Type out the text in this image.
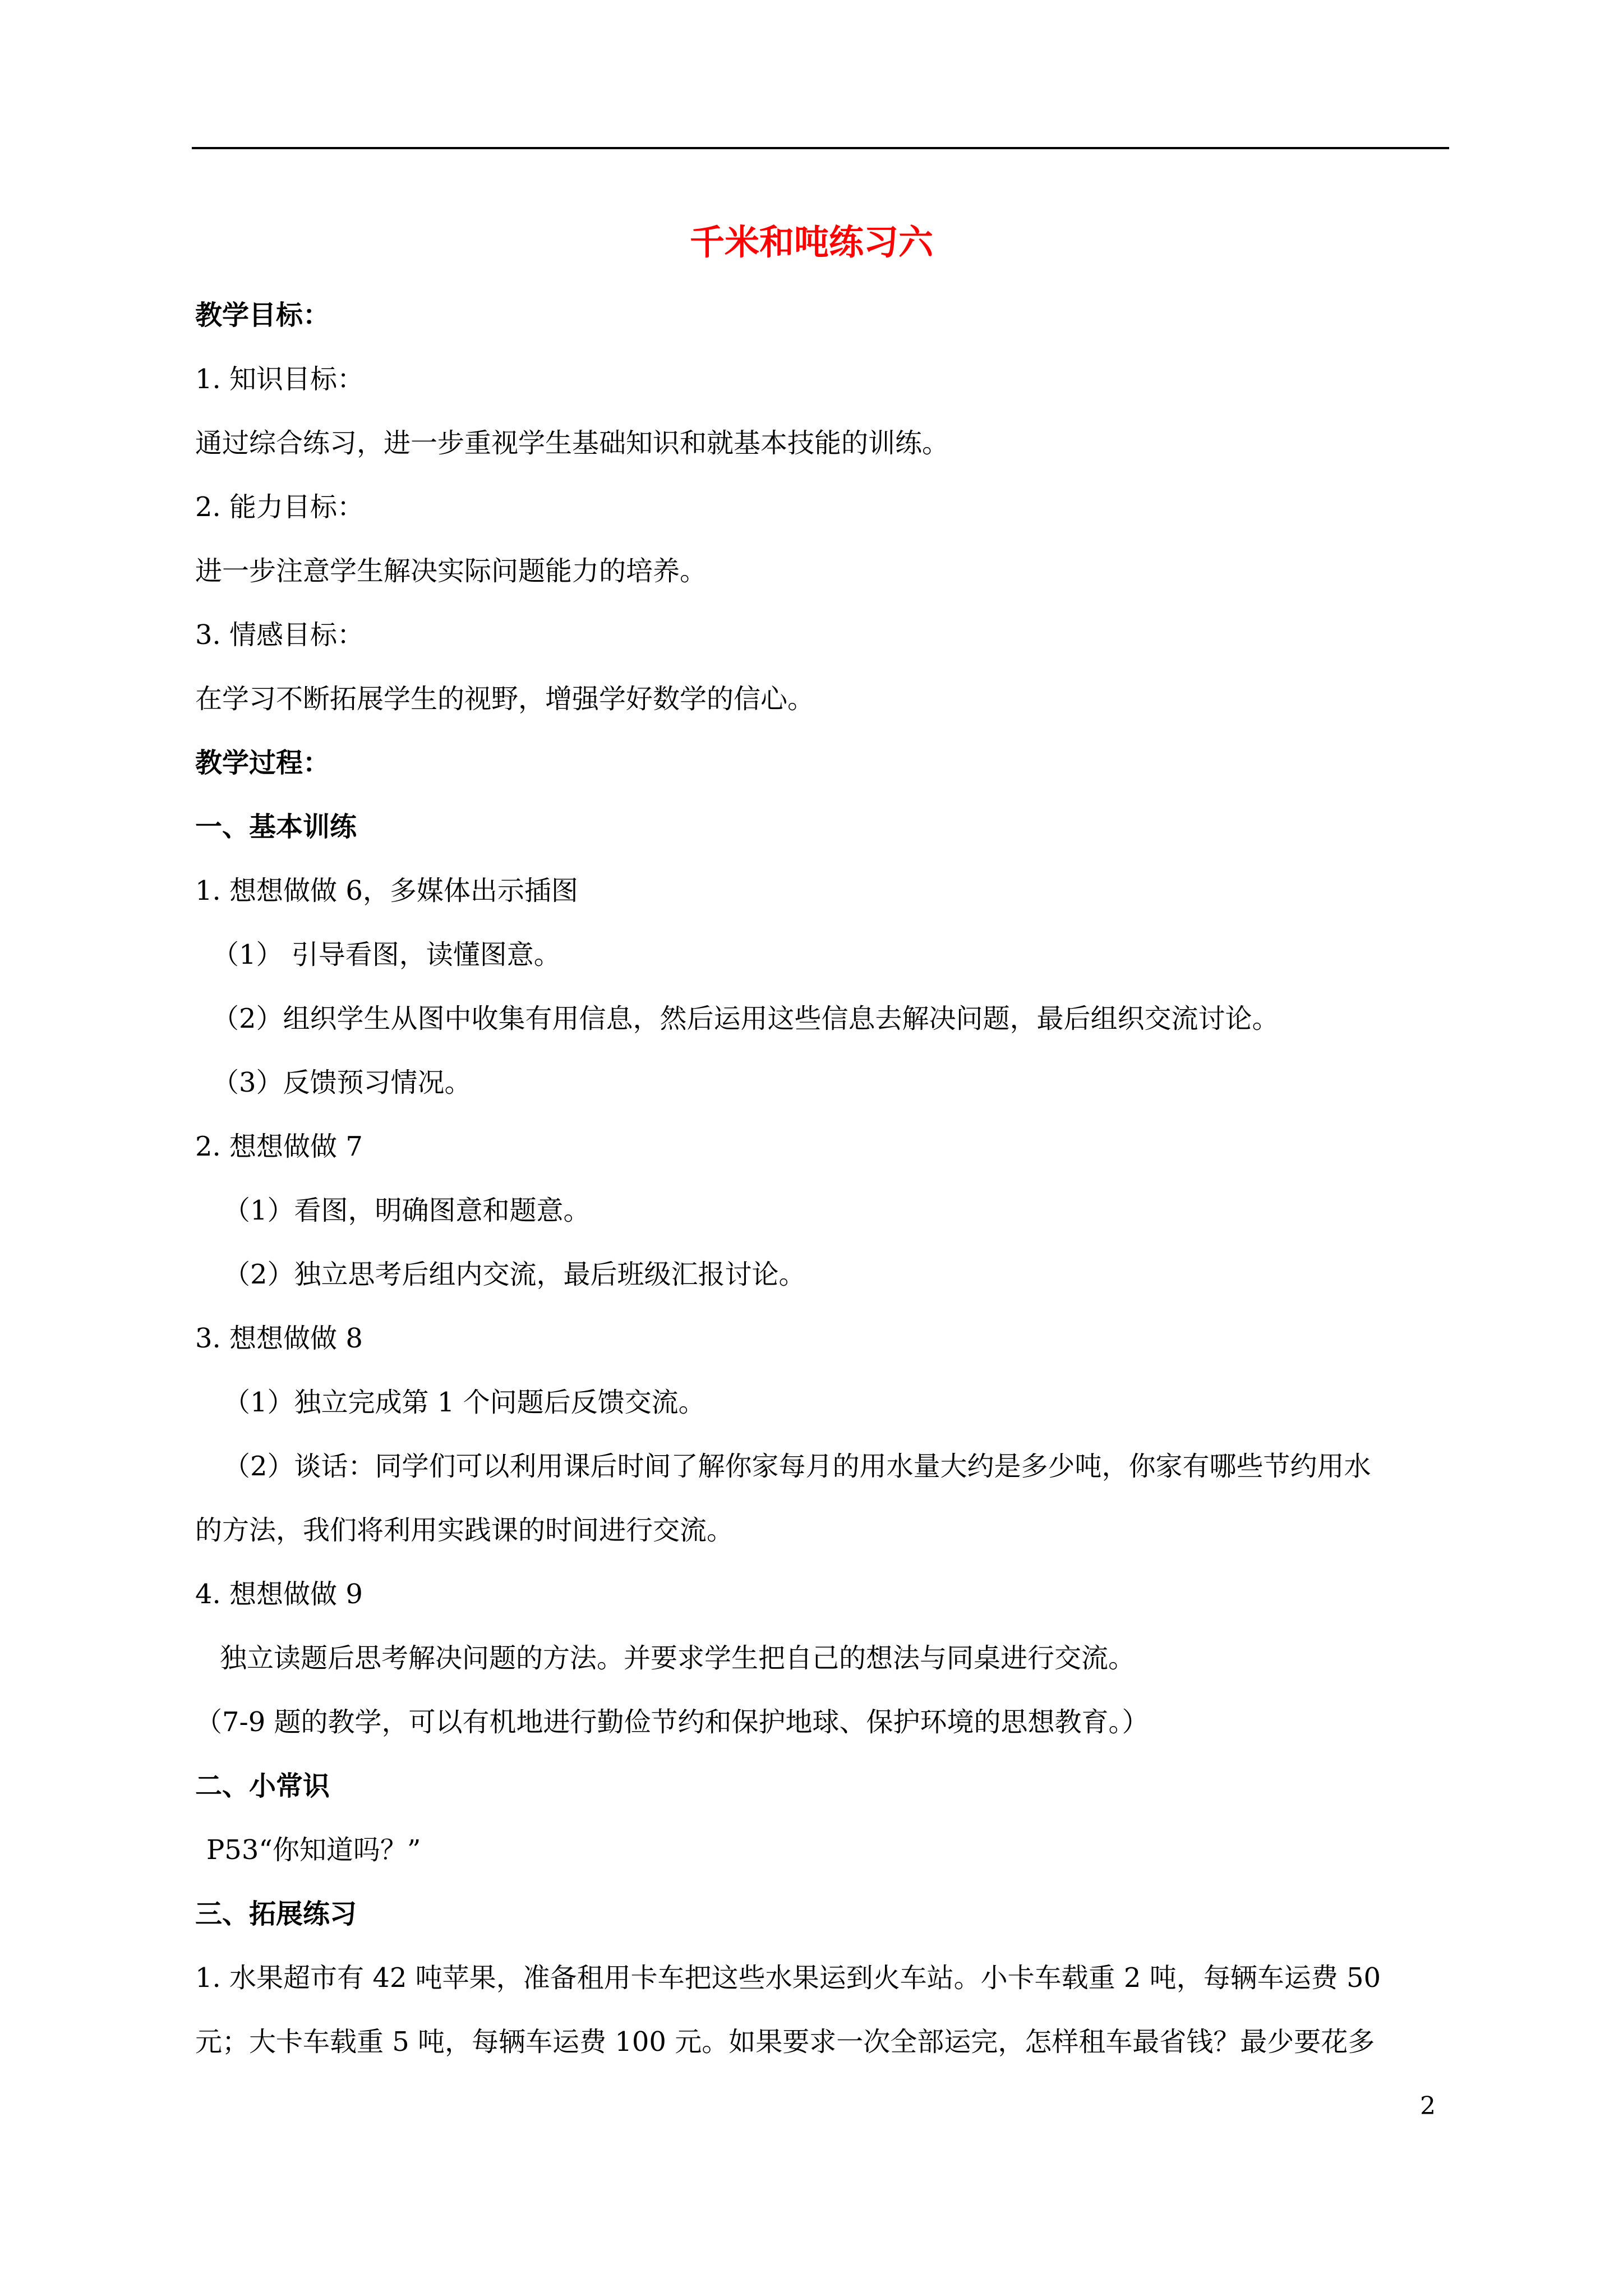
千米和吨练习六
教学目标：
1. 知识目标：
通过综合练习，进一步重视学生基础知识和就基本技能的训练。
2. 能力目标：
进一步注意学生解决实际问题能力的培养。
3. 情感目标：
在学习不断拓展学生的视野，增强学好数学的信心。
教学过程：
一、基本训练
1. 想想做做 6，多媒体出示插图
（1） 引导看图，读懂图意。
（2）组织学生从图中收集有用信息，然后运用这些信息去解决问题，最后组织交流讨论。
（3）反馈预习情况。
2. 想想做做 7
（1）看图，明确图意和题意。
（2）独立思考后组内交流，最后班级汇报讨论。
3. 想想做做 8
（1）独立完成第 1 个问题后反馈交流。
（2）谈话：同学们可以利用课后时间了解你家每月的用水量大约是多少吨，你家有哪些节约用水
的方法，我们将利用实践课的时间进行交流。
4. 想想做做 9
独立读题后思考解决问题的方法。并要求学生把自己的想法与同桌进行交流。
（7-9 题的教学，可以有机地进行勤俭节约和保护地球、保护环境的思想教育。）
二、小常识
P53“你知道吗？”
三、拓展练习
1. 水果超市有 42 吨苹果，准备租用卡车把这些水果运到火车站。小卡车载重 2 吨，每辆车运费 50
元；大卡车载重 5 吨，每辆车运费 100 元。如果要求一次全部运完，怎样租车最省钱？最少要花多
2
